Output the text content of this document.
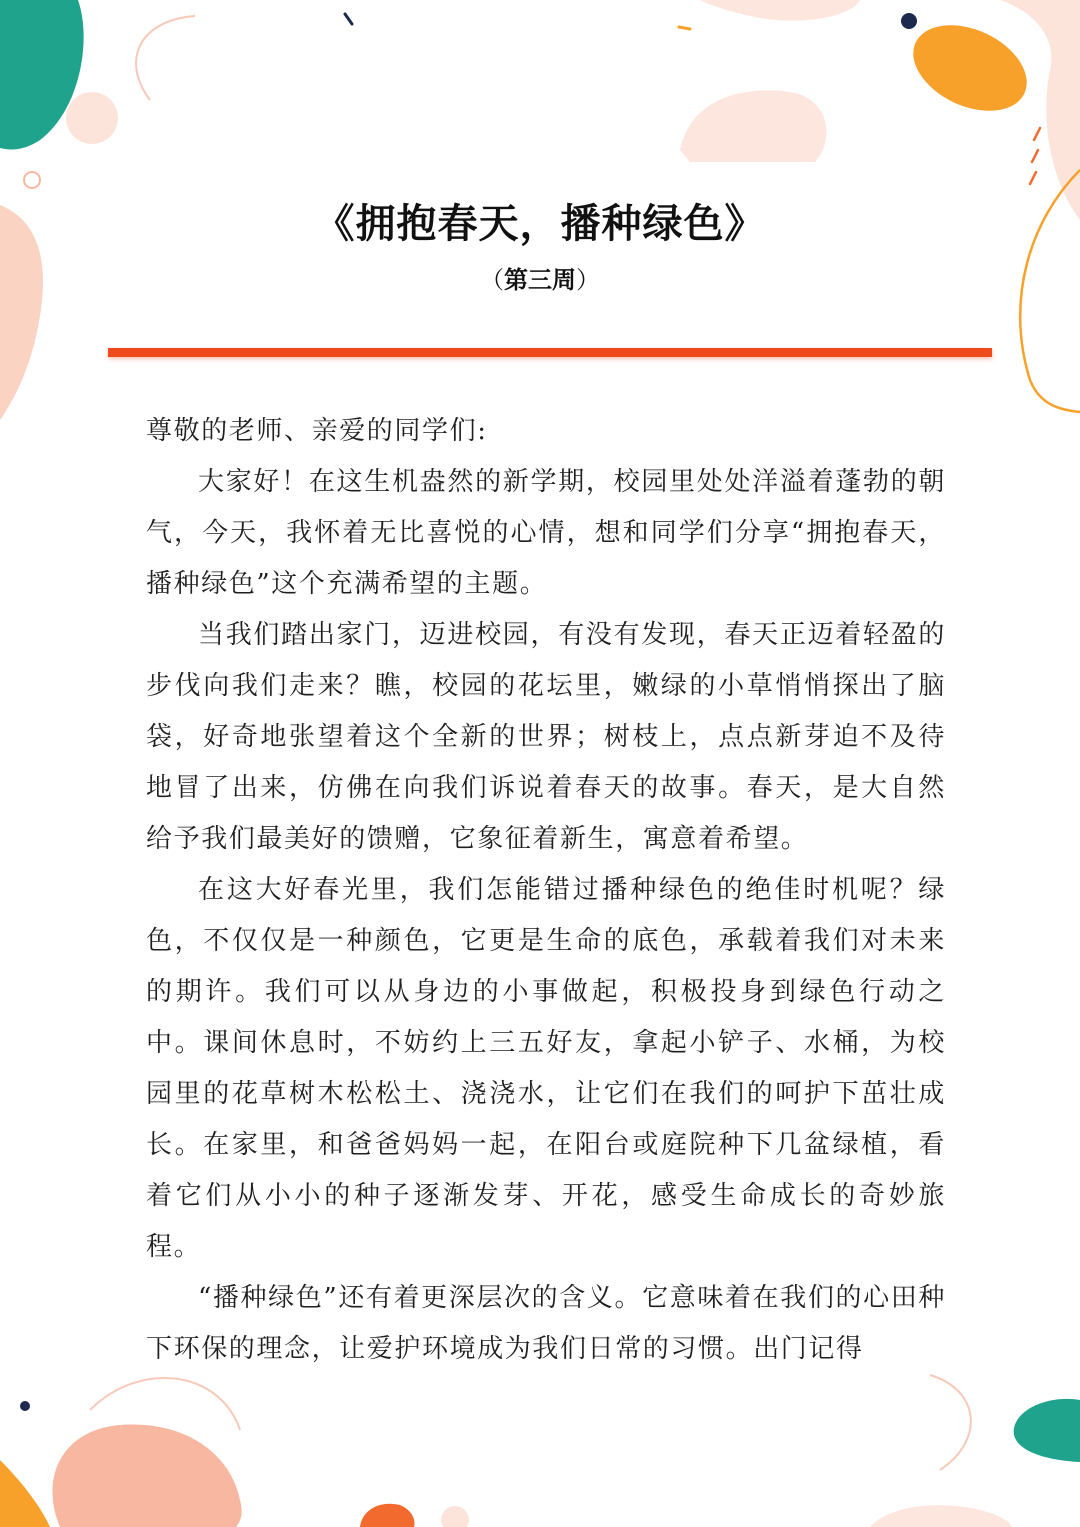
《拥抱春天，播种绿色》
（第三周）

尊敬的老师、亲爱的同学们:

大家好！在这生机盎然的新学期，校园里处处洋溢着蓬勃的朝气，今天，我怀着无比喜悦的心情，想和同学们分享“拥抱春天，播种绿色”这个充满希望的主题。

当我们踏出家门，迈进校园，有没有发现，春天正迈着轻盈的步伐向我们走来？瞧，校园的花坛里，嫩绿的小草悄悄探出了脑袋，好奇地张望着这个全新的世界；树枝上，点点新芽迫不及待地冒了出来，仿佛在向我们诉说着春天的故事。春天，是大自然给予我们最美好的馈赠，它象征着新生，寓意着希望。

在这大好春光里，我们怎能错过播种绿色的绝佳时机呢？绿色，不仅仅是一种颜色，它更是生命的底色，承载着我们对未来的期许。我们可以从身边的小事做起，积极投身到绿色行动之中。课间休息时，不妨约上三五好友，拿起小铲子、水桶，为校园里的花草树木松松土、浇浇水，让它们在我们的呵护下茁壮成长。在家里，和爸爸妈妈一起，在阳台或庭院种下几盆绿植，看着它们从小小的种子逐渐发芽、开花，感受生命成长的奇妙旅程。

“播种绿色”还有着更深层次的含义。它意味着在我们的心田种下环保的理念，让爱护环境成为我们日常的习惯。出门记得
